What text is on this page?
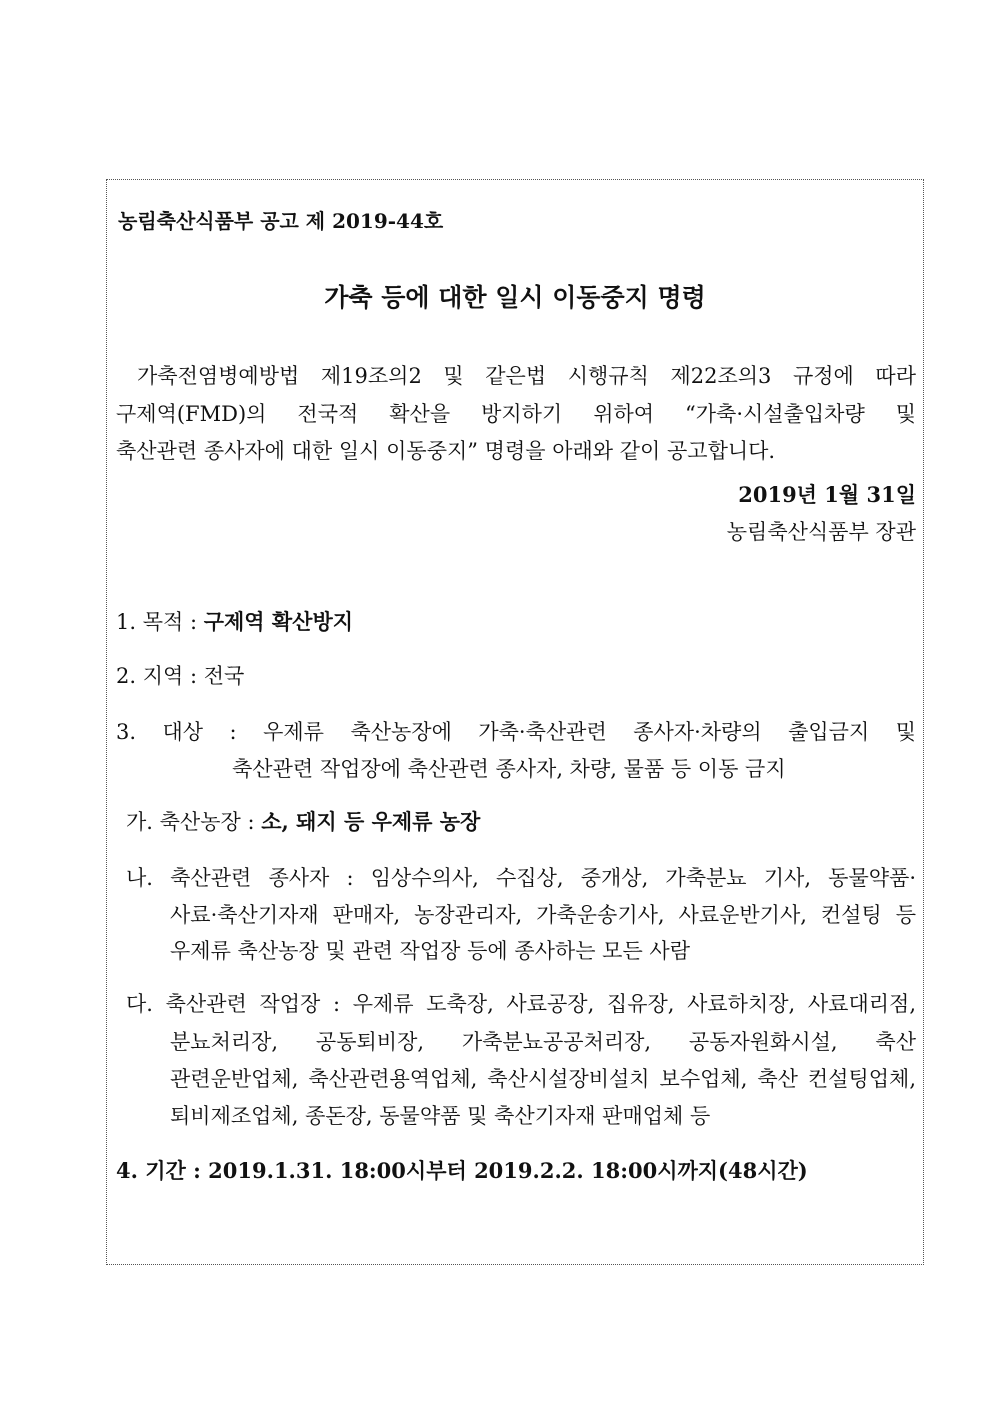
농림축산식품부 공고 제 2019-44호
가축 등에 대한 일시 이동중지 명령
가축전염병예방법 제19조의2 및 같은법 시행규칙 제22조의3 규정에 따라
구제역(FMD)의 전국적 확산을 방지하기 위하여 “가축·시설출입차량 및
축산관련 종사자에 대한 일시 이동중지” 명령을 아래와 같이 공고합니다.
2019년 1월 31일
농림축산식품부 장관
1. 목적 : 구제역 확산방지
2. 지역 : 전국
3. 대상 : 우제류 축산농장에 가축·축산관련 종사자·차량의 출입금지 및
축산관련 작업장에 축산관련 종사자, 차량, 물품 등 이동 금지
가. 축산농장 : 소, 돼지 등 우제류 농장
나. 축산관련 종사자 : 임상수의사, 수집상, 중개상, 가축분뇨 기사, 동물약품·
사료·축산기자재 판매자, 농장관리자, 가축운송기사, 사료운반기사, 컨설팅 등
우제류 축산농장 및 관련 작업장 등에 종사하는 모든 사람
다. 축산관련 작업장 : 우제류 도축장, 사료공장, 집유장, 사료하치장, 사료대리점,
분뇨처리장, 공동퇴비장, 가축분뇨공공처리장, 공동자원화시설, 축산
관련운반업체, 축산관련용역업체, 축산시설장비설치 보수업체, 축산 컨설팅업체,
퇴비제조업체, 종돈장, 동물약품 및 축산기자재 판매업체 등
4. 기간 : 2019.1.31. 18:00시부터 2019.2.2. 18:00시까지(48시간)
